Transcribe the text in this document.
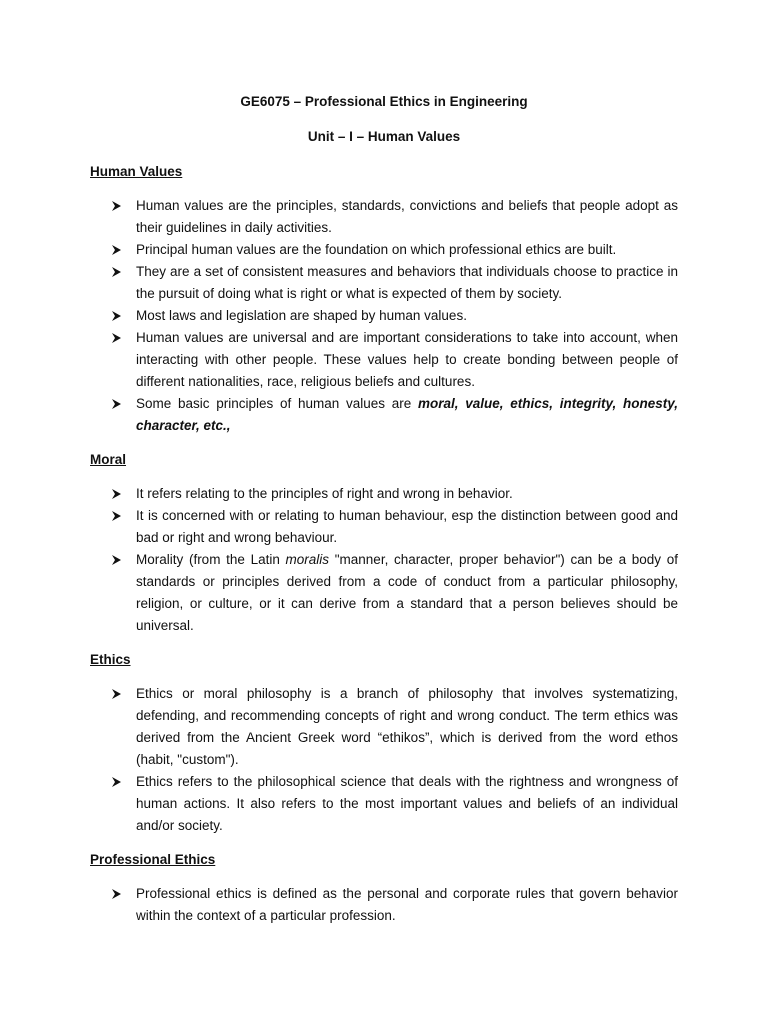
GE6075 – Professional Ethics in Engineering
Unit – I – Human Values
Human Values
Human values are the principles, standards, convictions and beliefs that people adopt as their guidelines in daily activities.
Principal human values are the foundation on which professional ethics are built.
They are a set of consistent measures and behaviors that individuals choose to practice in the pursuit of doing what is right or what is expected of them by society.
Most laws and legislation are shaped by human values.
Human values are universal and are important considerations to take into account, when interacting with other people. These values help to create bonding between people of different nationalities, race, religious beliefs and cultures.
Some basic principles of human values are moral, value, ethics, integrity, honesty, character, etc.,
Moral
It refers relating to the principles of right and wrong in behavior.
It is concerned with or relating to human behaviour, esp the distinction between good and bad or right and wrong behaviour.
Morality (from the Latin moralis "manner, character, proper behavior") can be a body of standards or principles derived from a code of conduct from a particular philosophy, religion, or culture, or it can derive from a standard that a person believes should be universal.
Ethics
Ethics or moral philosophy is a branch of philosophy that involves systematizing, defending, and recommending concepts of right and wrong conduct. The term ethics was derived from the Ancient Greek word “ethikos”, which is derived from the word ethos (habit, "custom").
Ethics refers to the philosophical science that deals with the rightness and wrongness of human actions. It also refers to the most important values and beliefs of an individual and/or society.
Professional Ethics
Professional ethics is defined as the personal and corporate rules that govern behavior within the context of a particular profession.
